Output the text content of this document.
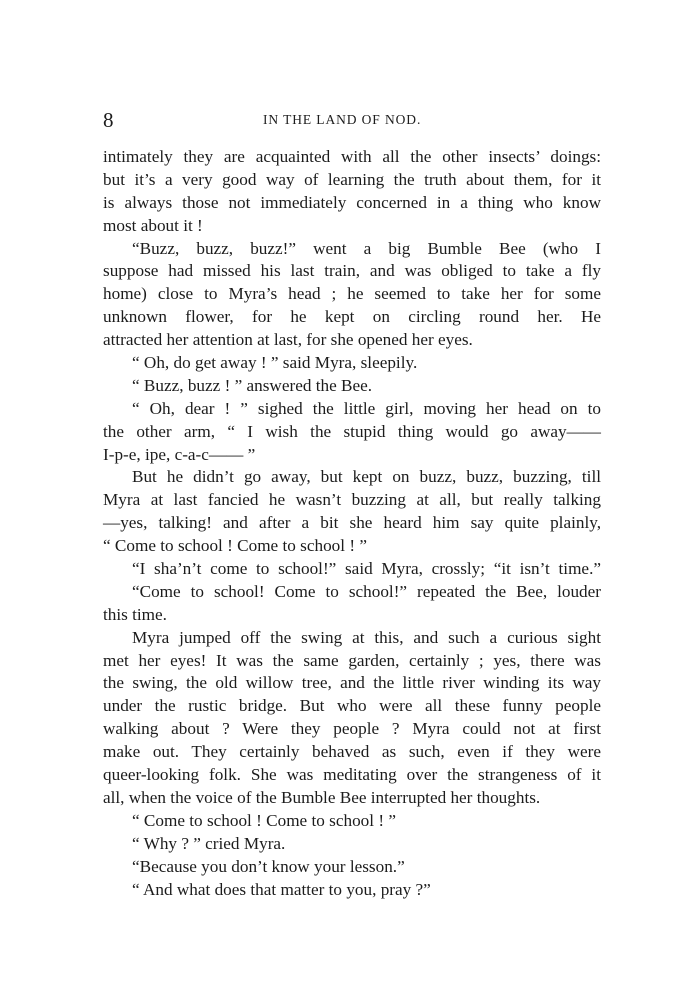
8	IN THE LAND OF NOD.
intimately they are acquainted with all the other insects’ doings:
but it’s a very good way of learning the truth about them, for it
is always those not immediately concerned in a thing who know
most about it !
“Buzz, buzz, buzz!” went a big Bumble Bee (who I
suppose had missed his last train, and was obliged to take a fly
home) close to Myra’s head ; he seemed to take her for some
unknown flower, for he kept on circling round her. He
attracted her attention at last, for she opened her eyes.
“ Oh, do get away ! ” said Myra, sleepily.
“ Buzz, buzz ! ” answered the Bee.
“ Oh, dear ! ” sighed the little girl, moving her head on to
the other arm, “ I wish the stupid thing would go away——
I-p-e, ipe, c-a-c—— ”
But he didn’t go away, but kept on buzz, buzz, buzzing, till
Myra at last fancied he wasn’t buzzing at all, but really talking
—yes, talking! and after a bit she heard him say quite plainly,
“ Come to school ! Come to school ! ”
“I sha’n’t come to school!” said Myra, crossly; “it isn’t time.”
“Come to school! Come to school!” repeated the Bee, louder
this time.
Myra jumped off the swing at this, and such a curious sight
met her eyes! It was the same garden, certainly ; yes, there was
the swing, the old willow tree, and the little river winding its way
under the rustic bridge. But who were all these funny people
walking about ? Were they people ? Myra could not at first
make out. They certainly behaved as such, even if they were
queer-looking folk. She was meditating over the strangeness of it
all, when the voice of the Bumble Bee interrupted her thoughts.
“ Come to school ! Come to school ! ”
“ Why ? ” cried Myra.
“Because you don’t know your lesson.”
“ And what does that matter to you, pray ?”
